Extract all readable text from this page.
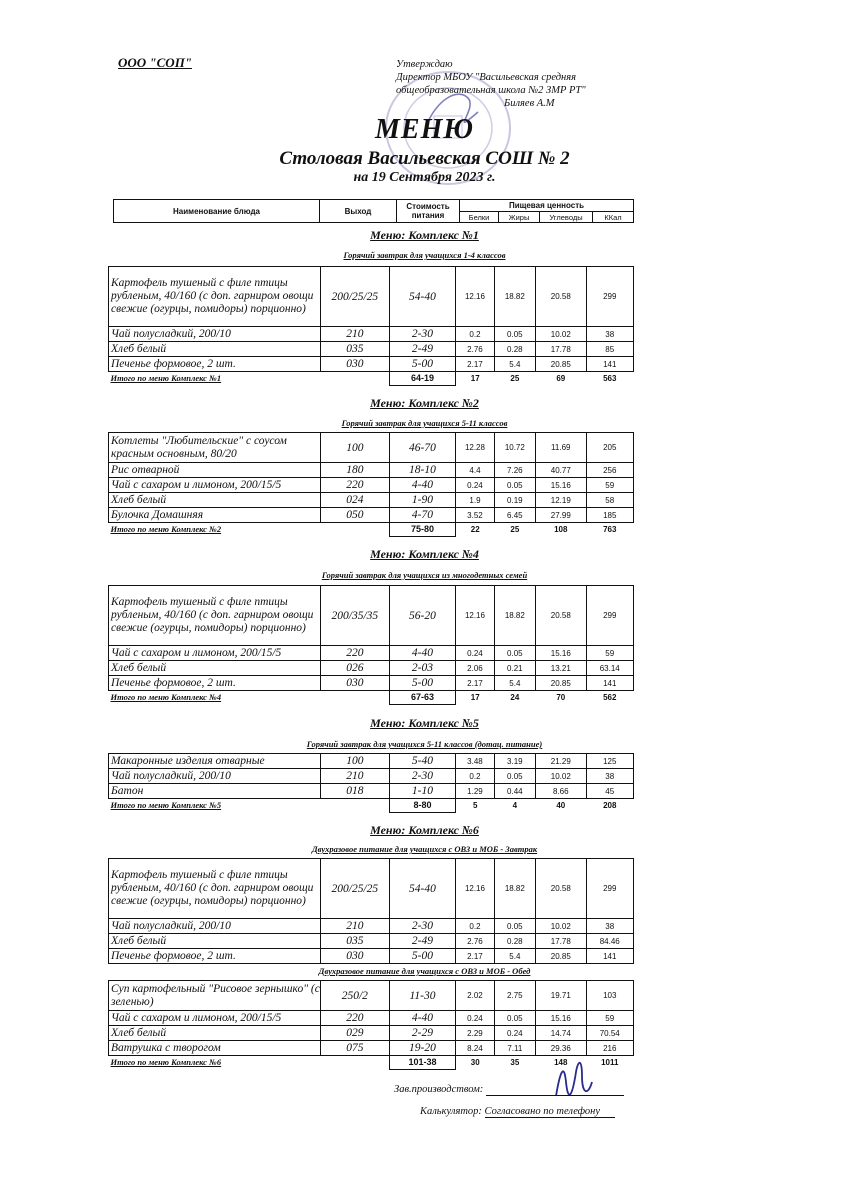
ООО "СОП"	Утверждаю
Директор МБОУ "Васильевская средняя
общеобразовательная школа №2 ЗМР РТ"
Биляев А.М
МЕНЮ
Столовая Васильевская СОШ № 2
на 19 Сентября 2023 г.
Наименование блюда	Выход	Стоимость питания	Пищевая ценность			
			Белки	Жиры	Углеводы	ККал
Меню: Комплекс №1
Горячий завтрак для учащихся 1-4 классов
Картофель тушеный с филе птицы рубленым, 40/160 (с доп. гарниром овощи свежие (огурцы, помидоры) порционно)	200/25/25	54-40	12.16	18.82	20.58	299
Чай полусладкий, 200/10	210	2-30	0.2	0.05	10.02	38
Хлеб белый	035	2-49	2.76	0.28	17.78	85
Печенье формовое, 2 шт.	030	5-00	2.17	5.4	20.85	141
Итого по меню Комплекс №1		64-19	17	25	69	563
Меню: Комплекс №2
Горячий завтрак для учащихся 5-11 классов
Котлеты "Любительские" с соусом красным основным, 80/20	100	46-70	12.28	10.72	11.69	205
Рис отварной	180	18-10	4.4	7.26	40.77	256
Чай с сахаром и лимоном, 200/15/5	220	4-40	0.24	0.05	15.16	59
Хлеб белый	024	1-90	1.9	0.19	12.19	58
Булочка Домашняя	050	4-70	3.52	6.45	27.99	185
Итого по меню Комплекс №2		75-80	22	25	108	763
Меню: Комплекс №4
Горячий завтрак для учащихся из многодетных семей
Картофель тушеный с филе птицы рубленым, 40/160 (с доп. гарниром овощи свежие (огурцы, помидоры) порционно)	200/35/35	56-20	12.16	18.82	20.58	299
Чай с сахаром и лимоном, 200/15/5	220	4-40	0.24	0.05	15.16	59
Хлеб белый	026	2-03	2.06	0.21	13.21	63.14
Печенье формовое, 2 шт.	030	5-00	2.17	5.4	20.85	141
Итого по меню Комплекс №4		67-63	17	24	70	562
Меню: Комплекс №5
Горячий завтрак для учащихся 5-11 классов (дотац. питание)
Макаронные изделия отварные	100	5-40	3.48	3.19	21.29	125
Чай полусладкий, 200/10	210	2-30	0.2	0.05	10.02	38
Батон	018	1-10	1.29	0.44	8.66	45
Итого по меню Комплекс №5		8-80	5	4	40	208
Меню: Комплекс №6
Двухразовое питание для учащихся с ОВЗ и МОБ - Завтрак
Картофель тушеный с филе птицы рубленым, 40/160 (с доп. гарниром овощи свежие (огурцы, помидоры) порционно)	200/25/25	54-40	12.16	18.82	20.58	299
Чай полусладкий, 200/10	210	2-30	0.2	0.05	10.02	38
Хлеб белый	035	2-49	2.76	0.28	17.78	84.46
Печенье формовое, 2 шт.	030	5-00	2.17	5.4	20.85	141
Двухразовое питание для учащихся с ОВЗ и МОБ - Обед
Суп картофельный "Рисовое зернышко" (с зеленью)	250/2	11-30	2.02	2.75	19.71	103
Чай с сахаром и лимоном, 200/15/5	220	4-40	0.24	0.05	15.16	59
Хлеб белый	029	2-29	2.29	0.24	14.74	70.54
Ватрушка с творогом	075	19-20	8.24	7.11	29.36	216
Итого по меню Комплекс №6		101-38	30	35	148	1011
Зав.производством:
Калькулятор: Согласовано по телефону
